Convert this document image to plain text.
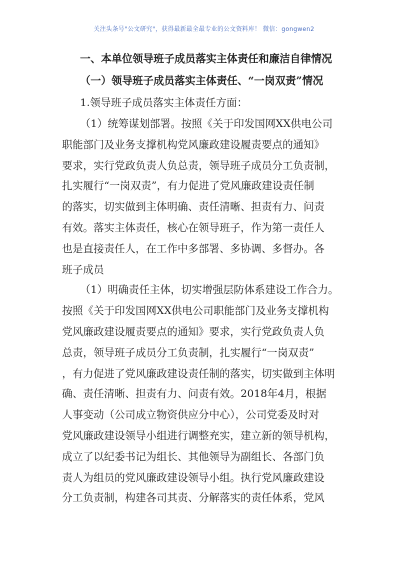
关注头条号"公文研究"，获得最新最全最专业的公文资料库！ 微信：gongwen2
一、本单位领导班子成员落实主体责任和廉洁自律情况
（一）领导班子成员落实主体责任、“一岗双责”情况
1.领导班子成员落实主体责任方面：
（1）统筹谋划部署。按照《关于印发国网XX供电公司
职能部门及业务支撑机构党风廉政建设履责要点的通知》
要求，实行党政负责人负总责，领导班子成员分工负责制，
扎实履行“一岗双责”，有力促进了党风廉政建设责任制
的落实，切实做到主体明确、责任清晰、担责有力、问责
有效。落实主体责任，核心在领导班子，作为第一责任人
也是直接责任人，在工作中多部署、多协调、多督办。各
班子成员
（1）明确责任主体，切实增强层防体系建设工作合力。
按照《关于印发国网XX供电公司职能部门及业务支撑机构
党风廉政建设履责要点的通知》要求，实行党政负责人负
总责，领导班子成员分工负责制，扎实履行“一岗双责”
，有力促进了党风廉政建设责任制的落实，切实做到主体明
确、责任清晰、担责有力、问责有效。2018年4月，根据
人事变动（公司成立物资供应分中心），公司党委及时对
党风廉政建设领导小组进行调整充实，建立新的领导机构，
成立了以纪委书记为组长、其他领导为副组长、各部门负
责人为组员的党风廉政建设领导小组。执行党风廉政建设
分工负责制，构建各司其责、分解落实的责任体系，党风
